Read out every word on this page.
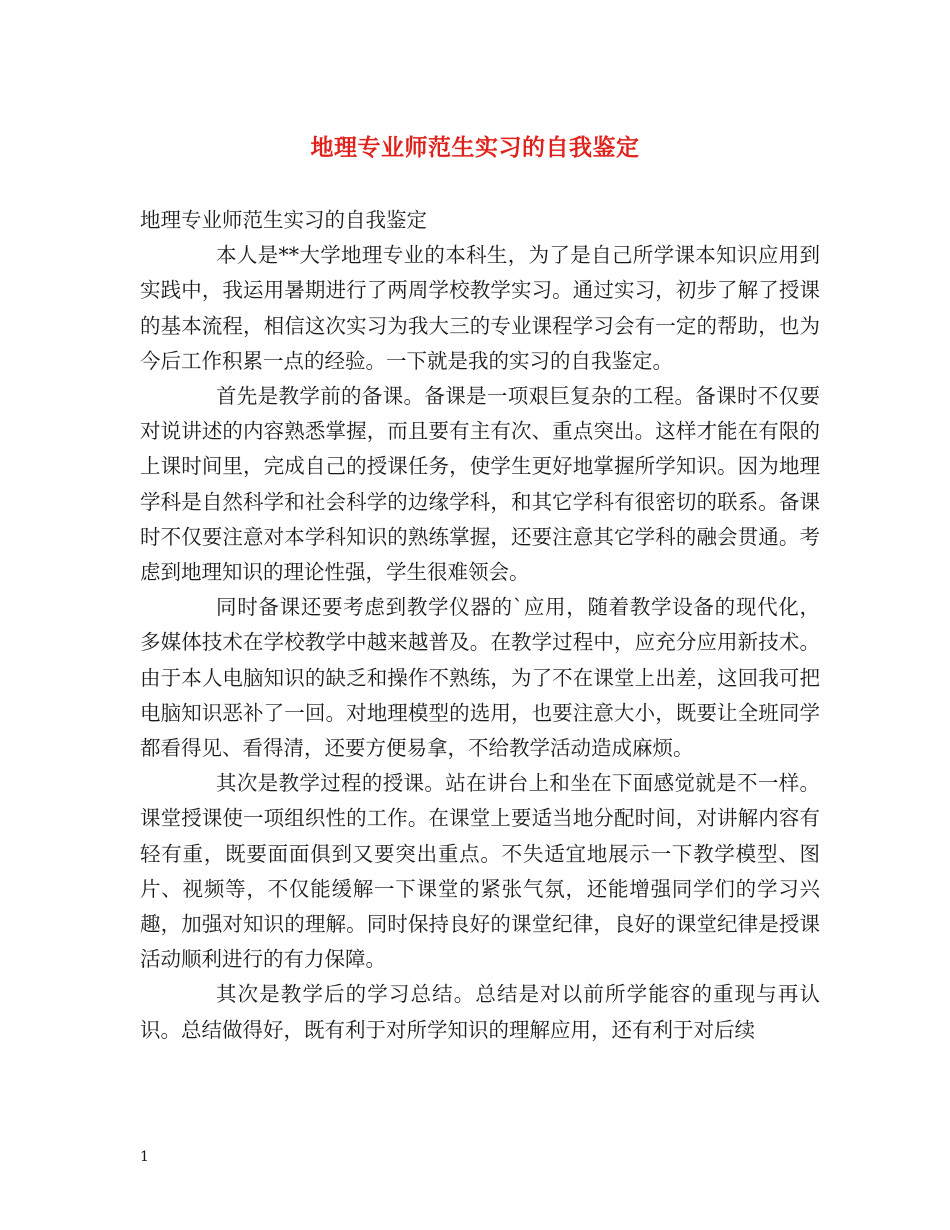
地理专业师范生实习的自我鉴定

地理专业师范生实习的自我鉴定

本人是**大学地理专业的本科生，为了是自己所学课本知识应用到实践中，我运用暑期进行了两周学校教学实习。通过实习，初步了解了授课的基本流程，相信这次实习为我大三的专业课程学习会有一定的帮助，也为今后工作积累一点的经验。一下就是我的实习的自我鉴定。

首先是教学前的备课。备课是一项艰巨复杂的工程。备课时不仅要对说讲述的内容熟悉掌握，而且要有主有次、重点突出。这样才能在有限的上课时间里，完成自己的授课任务，使学生更好地掌握所学知识。因为地理学科是自然科学和社会科学的边缘学科，和其它学科有很密切的联系。备课时不仅要注意对本学科知识的熟练掌握，还要注意其它学科的融会贯通。考虑到地理知识的理论性强，学生很难领会。

同时备课还要考虑到教学仪器的`应用，随着教学设备的现代化，多媒体技术在学校教学中越来越普及。在教学过程中，应充分应用新技术。由于本人电脑知识的缺乏和操作不熟练，为了不在课堂上出差，这回我可把电脑知识恶补了一回。对地理模型的选用，也要注意大小，既要让全班同学都看得见、看得清，还要方便易拿，不给教学活动造成麻烦。

其次是教学过程的授课。站在讲台上和坐在下面感觉就是不一样。课堂授课使一项组织性的工作。在课堂上要适当地分配时间，对讲解内容有轻有重，既要面面俱到又要突出重点。不失适宜地展示一下教学模型、图片、视频等，不仅能缓解一下课堂的紧张气氛，还能增强同学们的学习兴趣，加强对知识的理解。同时保持良好的课堂纪律，良好的课堂纪律是授课活动顺利进行的有力保障。

其次是教学后的学习总结。总结是对以前所学能容的重现与再认识。总结做得好，既有利于对所学知识的理解应用，还有利于对后续

1
